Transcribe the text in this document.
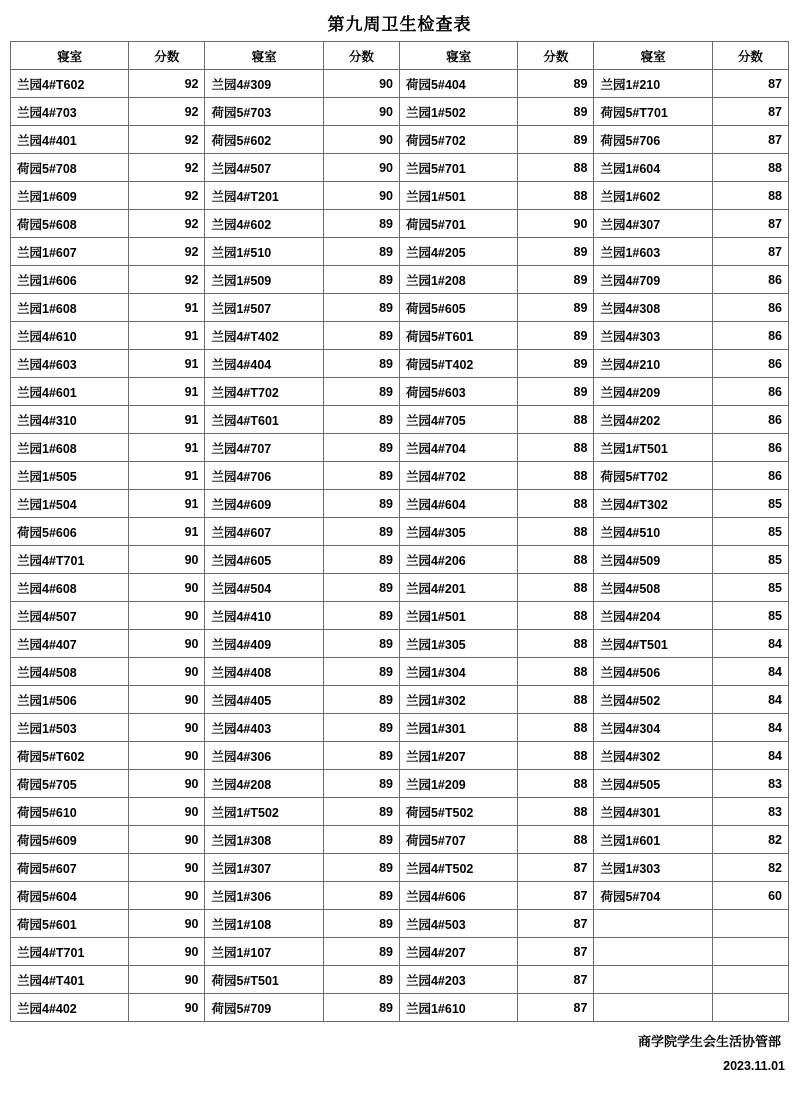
第九周卫生检查表
寝室	分数	寝室	分数	寝室	分数	寝室	分数
兰园4#T602	92	兰园4#309	90	荷园5#404	89	兰园1#210	87
兰园4#703	92	荷园5#703	90	兰园1#502	89	荷园5#T701	87
兰园4#401	92	荷园5#602	90	荷园5#702	89	荷园5#706	87
荷园5#708	92	兰园4#507	90	兰园5#701	88	兰园1#604	88
兰园1#609	92	兰园4#T201	90	兰园1#501	88	兰园1#602	88
荷园5#608	92	兰园4#602	89	荷园5#701	90	兰园4#307	87
兰园1#607	92	兰园1#510	89	兰园4#205	89	兰园1#603	87
兰园1#606	92	兰园1#509	89	兰园1#208	89	兰园4#709	86
兰园1#608	91	兰园1#507	89	荷园5#605	89	兰园4#308	86
兰园4#610	91	兰园4#T402	89	荷园5#T601	89	兰园4#303	86
兰园4#603	91	兰园4#404	89	荷园5#T402	89	兰园4#210	86
兰园4#601	91	兰园4#T702	89	荷园5#603	89	兰园4#209	86
兰园4#310	91	兰园4#T601	89	兰园4#705	88	兰园4#202	86
兰园1#608	91	兰园4#707	89	兰园4#704	88	兰园1#T501	86
兰园1#505	91	兰园4#706	89	兰园4#702	88	荷园5#T702	86
兰园1#504	91	兰园4#609	89	兰园4#604	88	兰园4#T302	85
荷园5#606	91	兰园4#607	89	兰园4#305	88	兰园4#510	85
兰园4#T701	90	兰园4#605	89	兰园4#206	88	兰园4#509	85
兰园4#608	90	兰园4#504	89	兰园4#201	88	兰园4#508	85
兰园4#507	90	兰园4#410	89	兰园1#501	88	兰园4#204	85
兰园4#407	90	兰园4#409	89	兰园1#305	88	兰园4#T501	84
兰园4#508	90	兰园4#408	89	兰园1#304	88	兰园4#506	84
兰园1#506	90	兰园4#405	89	兰园1#302	88	兰园4#502	84
兰园1#503	90	兰园4#403	89	兰园1#301	88	兰园4#304	84
荷园5#T602	90	兰园4#306	89	兰园1#207	88	兰园4#302	84
荷园5#705	90	兰园4#208	89	兰园1#209	88	兰园4#505	83
荷园5#610	90	兰园1#T502	89	荷园5#T502	88	兰园4#301	83
荷园5#609	90	兰园1#308	89	荷园5#707	88	兰园1#601	82
荷园5#607	90	兰园1#307	89	兰园4#T502	87	兰园1#303	82
荷园5#604	90	兰园1#306	89	兰园4#606	87	荷园5#704	60
荷园5#601	90	兰园1#108	89	兰园4#503	87		
兰园4#T701	90	兰园1#107	89	兰园4#207	87		
兰园4#T401	90	荷园5#T501	89	兰园4#203	87		
兰园4#402	90	荷园5#709	89	兰园1#610	87		
商学院学生会生活协管部
2023.11.01
